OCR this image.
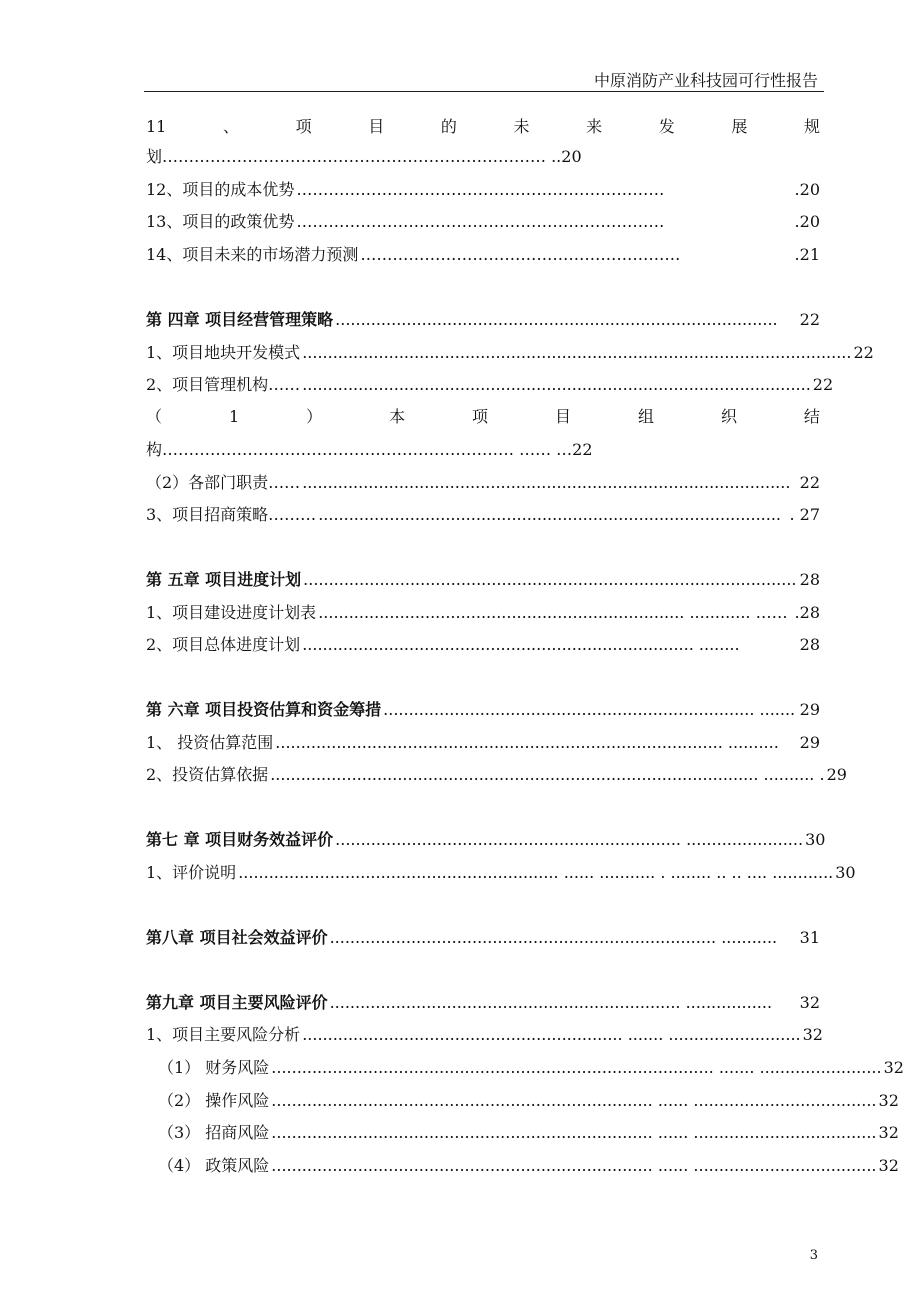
中原消防产业科技园可行性报告
11	、	项	目	的	未	来	发	展	规
划……………………………………………………………… ..20
12、项目的成本优势 ……………………………………………………………	.20
13、项目的政策优势 ……………………………………………………………	.20
14、项目未来的市场潜力预测 ……………………………………………………	.21
第 四章 项目经营管理策略 .......................................................................................	22
1、项目地块开发模式 ............................................................................................................ 22
2、项目管理机构…… .................................................................................................... 22
（	1	）	本	项	目	组	织	结
构………………………………………………………… …… …22
（2）各部门职责…… ................................................................................................ 22
3、项目招商策略……… ........................................................................................... . 27
第 五章 项目进度计划 ................................................................................................. 28
1、项目建设进度计划表 ........................................................................ ............ …… .28
2、项目总体进度计划 ............................................................................. ........	28
第 六章 项目投资估算和资金筹措 ......................................................................... ....... 29
1、 投资估算范围 ........................................................................................ ..........	29
2、投资估算依据 ................................................................................................ .......... . 29
第七 章 项目财务效益评价 .................................................................... ....................... 30
1、评价说明 ............................................................... ...... ........... . ........ .. .. .... ............ 30
第八章 项目社会效益评价 ............................................................................ ...........	31
第九章 项目主要风险评价 ..................................................................... .................	32
1、项目主要风险分析 ............................................................... ....... .......................... 32
（1） 财务风险 ....................................................................................... ....... ........................ 32
（2） 操作风险 ........................................................................... ...... .................................... 32
（3） 招商风险 ........................................................................... ...... .................................... 32
（4） 政策风险 ........................................................................... ...... .................................... 32
3
